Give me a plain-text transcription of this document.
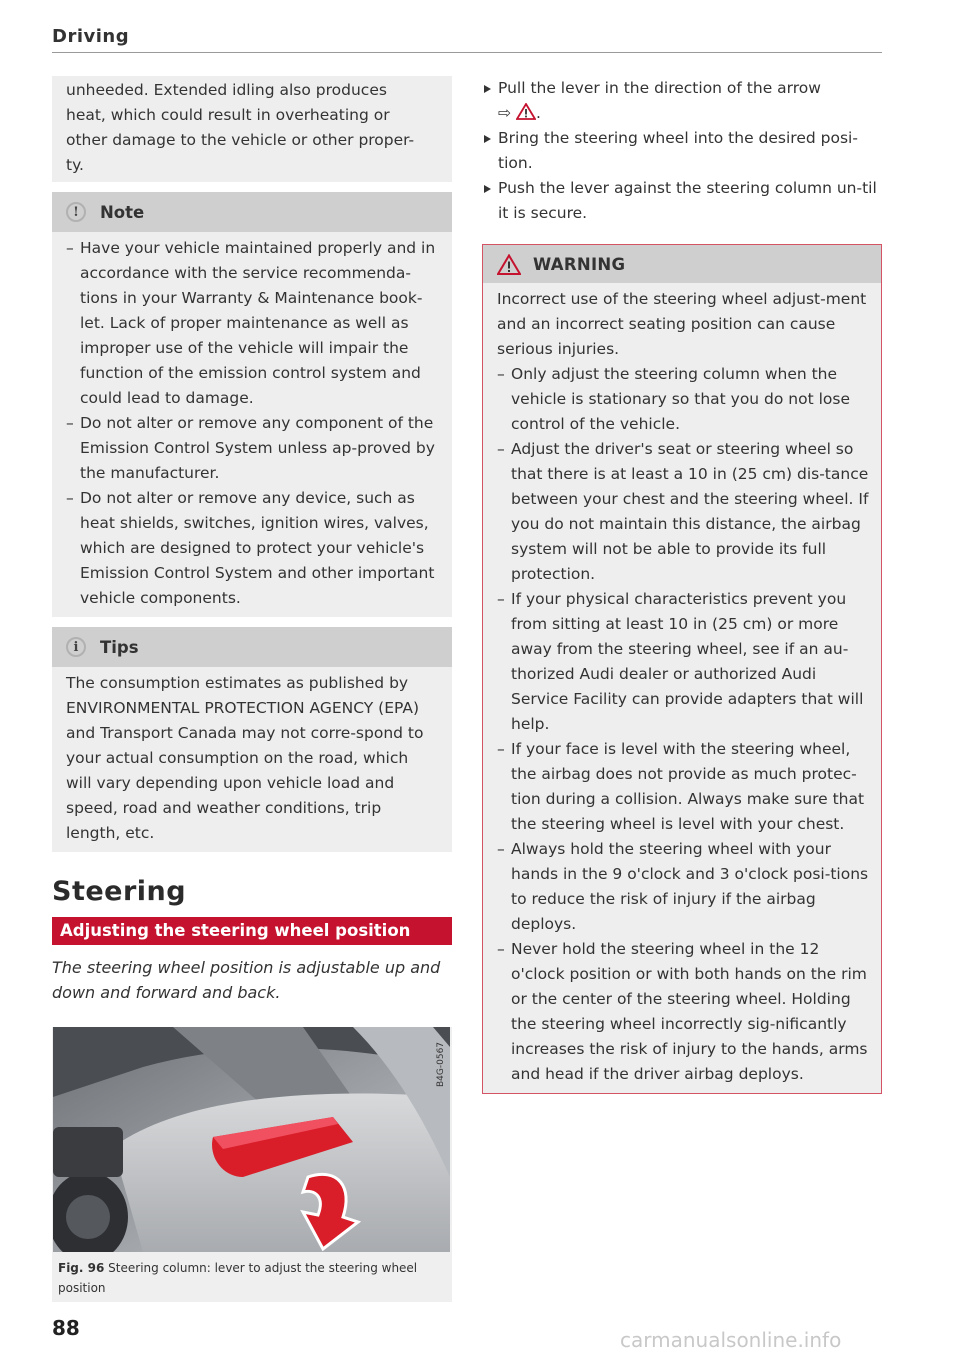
Driving
unheeded. Extended idling also produces
heat, which could result in overheating or
other damage to the vehicle or other proper-
ty.
!	Note
– Have your vehicle maintained properly and in accordance with the service recommenda-tions in your Warranty & Maintenance book-let. Lack of proper maintenance as well as improper use of the vehicle will impair the function of the emission control system and could lead to damage.
– Do not alter or remove any component of the Emission Control System unless ap-proved by the manufacturer.
– Do not alter or remove any device, such as heat shields, switches, ignition wires, valves, which are designed to protect your vehicle's Emission Control System and other important vehicle components.
i	Tips
The consumption estimates as published by ENVIRONMENTAL PROTECTION AGENCY (EPA) and Transport Canada may not corre-spond to your actual consumption on the road, which will vary depending upon vehicle load and speed, road and weather conditions, trip length, etc.
Steering
Adjusting the steering wheel position
The steering wheel position is adjustable up and down and forward and back.
B4G-0567
Fig. 96 Steering column: lever to adjust the steering wheel position
Pull the lever in the direction of the arrow
⇨ .
Bring the steering wheel into the desired posi-tion.
Push the lever against the steering column un-til it is secure.
WARNING
Incorrect use of the steering wheel adjust-ment and an incorrect seating position can cause serious injuries.
– Only adjust the steering column when the vehicle is stationary so that you do not lose control of the vehicle.
– Adjust the driver's seat or steering wheel so that there is at least a 10 in (25 cm) dis-tance between your chest and the steering wheel. If you do not maintain this distance, the airbag system will not be able to provide its full protection.
– If your physical characteristics prevent you from sitting at least 10 in (25 cm) or more away from the steering wheel, see if an au-thorized Audi dealer or authorized Audi Service Facility can provide adapters that will help.
– If your face is level with the steering wheel, the airbag does not provide as much protec-tion during a collision. Always make sure that the steering wheel is level with your chest.
– Always hold the steering wheel with your hands in the 9 o'clock and 3 o'clock posi-tions to reduce the risk of injury if the airbag deploys.
– Never hold the steering wheel in the 12 o'clock position or with both hands on the rim or the center of the steering wheel. Holding the steering wheel incorrectly sig-nificantly increases the risk of injury to the hands, arms and head if the driver airbag deploys.
88	carmanualsonline.info
